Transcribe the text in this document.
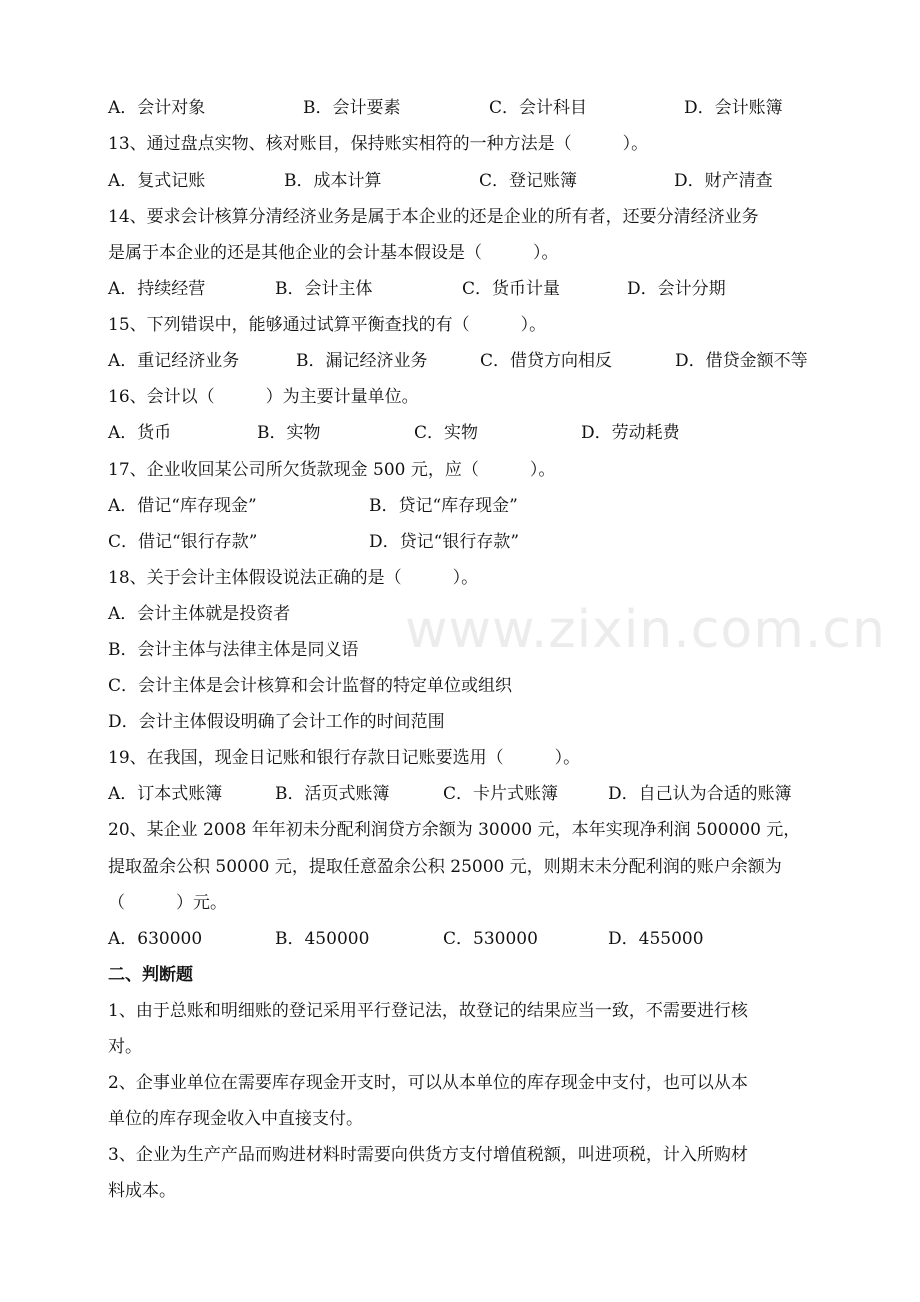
www.zixin.com.cn
A．会计对象	B．会计要素	C．会计科目	D．会计账簿
13、通过盘点实物、核对账目，保持账实相符的一种方法是（　　　）。
A．复式记账	B．成本计算	C．登记账簿	D．财产清查
14、要求会计核算分清经济业务是属于本企业的还是企业的所有者，还要分清经济业务
是属于本企业的还是其他企业的会计基本假设是（　　　）。
A．持续经营	B．会计主体	C．货币计量	D．会计分期
15、下列错误中，能够通过试算平衡查找的有（　　　）。
A．重记经济业务	B．漏记经济业务	C．借贷方向相反	D．借贷金额不等
16、会计以（　　　）为主要计量单位。
A．货币	B．实物	C．实物	D．劳动耗费
17、企业收回某公司所欠货款现金 500 元，应（　　　）。
A．借记“库存现金”	B．贷记“库存现金”
C．借记“银行存款”	D．贷记“银行存款”
18、关于会计主体假设说法正确的是（　　　）。
A．会计主体就是投资者
B．会计主体与法律主体是同义语
C．会计主体是会计核算和会计监督的特定单位或组织
D．会计主体假设明确了会计工作的时间范围
19、在我国，现金日记账和银行存款日记账要选用（　　　）。
A．订本式账簿	B．活页式账簿	C．卡片式账簿	D．自己认为合适的账簿
20、某企业 2008 年年初未分配利润贷方余额为 30000 元，本年实现净利润 500000 元，
提取盈余公积 50000 元，提取任意盈余公积 25000 元，则期末未分配利润的账户余额为
（　　　）元。
A．630000	B．450000	C．530000	D．455000
二、判断题
1、由于总账和明细账的登记采用平行登记法，故登记的结果应当一致，不需要进行核
对。
2、企事业单位在需要库存现金开支时，可以从本单位的库存现金中支付，也可以从本
单位的库存现金收入中直接支付。
3、企业为生产产品而购进材料时需要向供货方支付增值税额，叫进项税，计入所购材
料成本。
